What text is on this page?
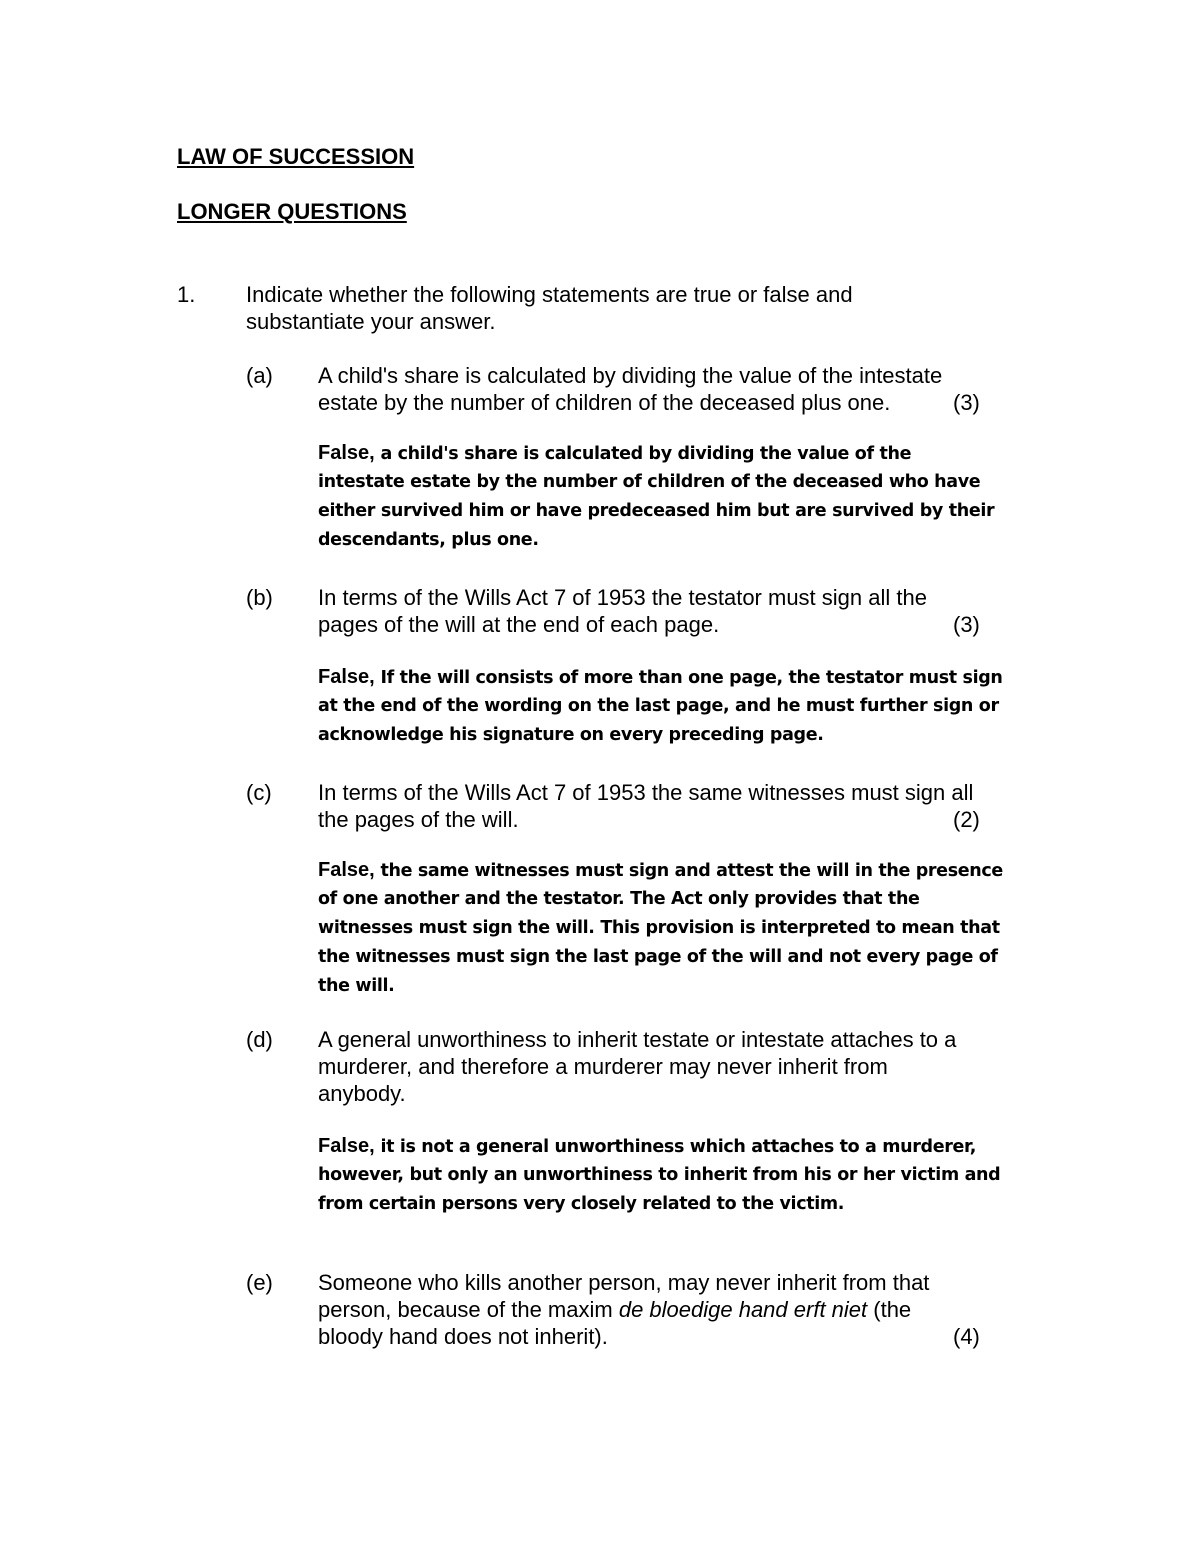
LAW OF SUCCESSION
LONGER QUESTIONS
1. Indicate whether the following statements are true or false and
substantiate your answer.
(a) A child's share is calculated by dividing the value of the intestate
estate by the number of children of the deceased plus one.	(3)
False, a child's share is calculated by dividing the value of the
intestate estate by the number of children of the deceased who have
either survived him or have predeceased him but are survived by their
descendants, plus one.
(b) In terms of the Wills Act 7 of 1953 the testator must sign all the
pages of the will at the end of each page.	(3)
False, If the will consists of more than one page, the testator must sign
at the end of the wording on the last page, and he must further sign or
acknowledge his signature on every preceding page.
(c) In terms of the Wills Act 7 of 1953 the same witnesses must sign all
the pages of the will.	(2)
False, the same witnesses must sign and attest the will in the presence
of one another and the testator. The Act only provides that the
witnesses must sign the will. This provision is interpreted to mean that
the witnesses must sign the last page of the will and not every page of
the will.
(d) A general unworthiness to inherit testate or intestate attaches to a
murderer, and therefore a murderer may never inherit from
anybody.
False, it is not a general unworthiness which attaches to a murderer,
however, but only an unworthiness to inherit from his or her victim and
from certain persons very closely related to the victim.
(e) Someone who kills another person, may never inherit from that
person, because of the maxim de bloedige hand erft niet (the
bloody hand does not inherit).	(4)
